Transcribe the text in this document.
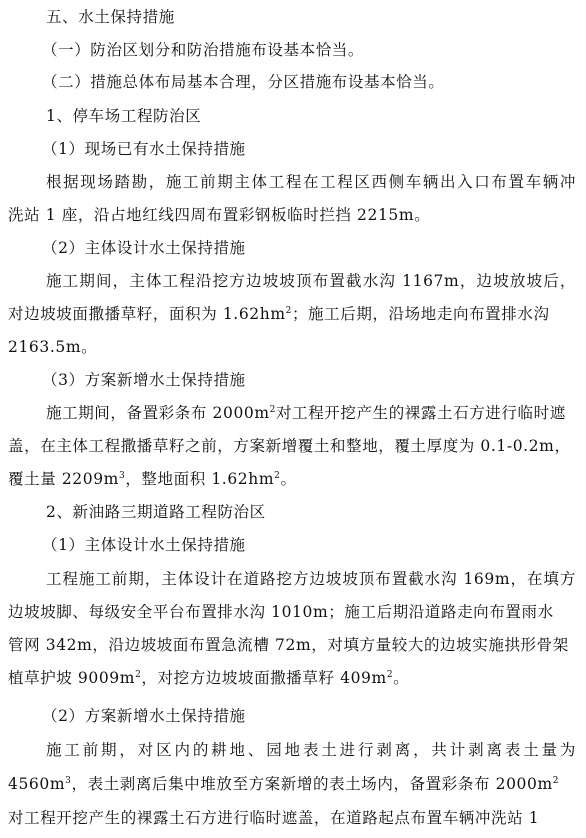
五、水土保持措施
（一）防治区划分和防治措施布设基本恰当。
（二）措施总体布局基本合理，分区措施布设基本恰当。
1、停车场工程防治区
（1）现场已有水土保持措施
根据现场踏勘，施工前期主体工程在工程区西侧车辆出入口布置车辆冲
洗站 1 座，沿占地红线四周布置彩钢板临时拦挡 2215m。
（2）主体设计水土保持措施
施工期间，主体工程沿挖方边坡坡顶布置截水沟 1167m，边坡放坡后，
对边坡坡面撒播草籽，面积为 $1.62hm^2$；施工后期，沿场地走向布置排水沟
2163.5m。
（3）方案新增水土保持措施
施工期间，备置彩条布 $2000m^2$对工程开挖产生的裸露土石方进行临时遮
盖，在主体工程撒播草籽之前，方案新增覆土和整地，覆土厚度为 0.1-0.2m，
覆土量 $2209m^3$，整地面积 $1.62hm^2$。
2、新油路三期道路工程防治区
（1）主体设计水土保持措施
工程施工前期，主体设计在道路挖方边坡坡顶布置截水沟 169m，在填方
边坡坡脚、每级安全平台布置排水沟 1010m；施工后期沿道路走向布置雨水
管网 342m，沿边坡坡面布置急流槽 72m，对填方量较大的边坡实施拱形骨架
植草护坡 $9009m^2$，对挖方边坡坡面撒播草籽 $409m^2$。
（2）方案新增水土保持措施
施工前期，对区内的耕地、园地表土进行剥离，共计剥离表土量为
$4560m^3$，表土剥离后集中堆放至方案新增的表土场内，备置彩条布 $2000m^2$
对工程开挖产生的裸露土石方进行临时遮盖，在道路起点布置车辆冲洗站 1
